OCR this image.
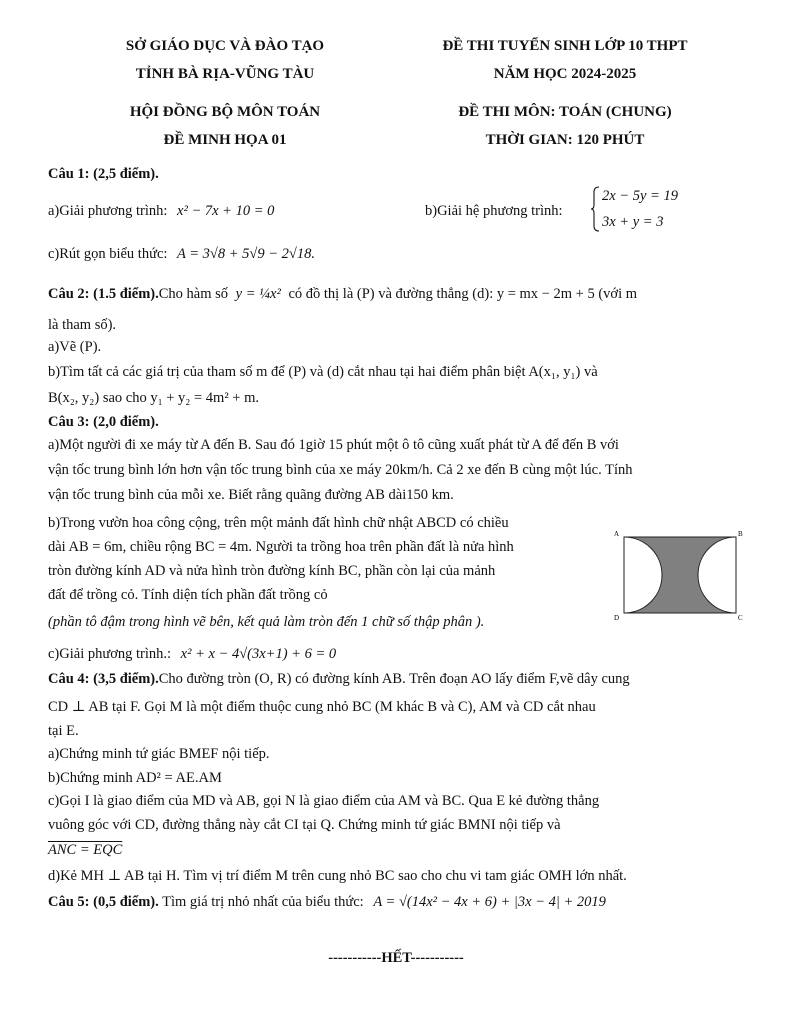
SỞ GIÁO DỤC VÀ ĐÀO TẠO
TỈNH BÀ RỊA-VŨNG TÀU
HỘI ĐỒNG BỘ MÔN TOÁN
ĐỀ MINH HỌA 01
ĐỀ THI TUYỂN SINH LỚP 10 THPT
NĂM HỌC 2024-2025
ĐỀ THI MÔN: TOÁN (CHUNG)
THỜI GIAN: 120 PHÚT
Câu 1: (2,5 điểm).
a)Giải phương trình: x² − 7x + 10 = 0	b)Giải hệ phương trình:
2x − 5y = 19
3x + y = 3
c)Rút gọn biểu thức: A = 3√8 + 5√9 − 2√18.
Câu 2: (1.5 điểm).Cho hàm số y = ¼x² có đồ thị là (P) và đường thẳng (d): y = mx − 2m + 5 (với m
là tham số).
a)Vẽ (P).
b)Tìm tất cả các giá trị của tham số m để (P) và (d) cắt nhau tại hai điểm phân biệt A(x₁, y₁) và
B(x₂, y₂) sao cho y₁ + y₂ = 4m² + m.
Câu 3: (2,0 điểm).
a)Một người đi xe máy từ A đến B. Sau đó 1giờ 15 phút một ô tô cũng xuất phát từ A để đến B với
vận tốc trung bình lớn hơn vận tốc trung bình của xe máy 20km/h. Cả 2 xe đến B cùng một lúc. Tính
vận tốc trung bình của mỗi xe. Biết rằng quãng đường AB dài150 km.
b)Trong vườn hoa công cộng, trên một mảnh đất hình chữ nhật ABCD có chiều
dài AB = 6m, chiều rộng BC = 4m. Người ta trồng hoa trên phần đất là nửa hình
tròn đường kính AD và nửa hình tròn đường kính BC, phần còn lại của mảnh
đất để trồng cỏ. Tính diện tích phần đất trồng cỏ
(phần tô đậm trong hình vẽ bên, kết quả làm tròn đến 1 chữ số thập phân ).
A	B
D	C
c)Giải phương trình.: x² + x − 4√(3x+1) + 6 = 0
Câu 4: (3,5 điểm).Cho đường tròn (O, R) có đường kính AB. Trên đoạn AO lấy điểm F,vẽ dây cung
CD ⊥ AB tại F. Gọi M là một điểm thuộc cung nhỏ BC (M khác B và C), AM và CD cắt nhau
tại E.
a)Chứng minh tứ giác BMEF nội tiếp.
b)Chứng minh AD² = AE.AM
c)Gọi I là giao điểm của MD và AB, gọi N là giao điểm của AM và BC. Qua E kẻ đường thẳng
vuông góc với CD, đường thẳng này cắt CI tại Q. Chứng minh tứ giác BMNI nội tiếp và
ANC = EQC
d)Kẻ MH ⊥ AB tại H. Tìm vị trí điểm M trên cung nhỏ BC sao cho chu vi tam giác OMH lớn nhất.
Câu 5: (0,5 điểm). Tìm giá trị nhỏ nhất của biểu thức: A = √(14x² − 4x + 6) + |3x − 4| + 2019
-----------HẾT-----------
